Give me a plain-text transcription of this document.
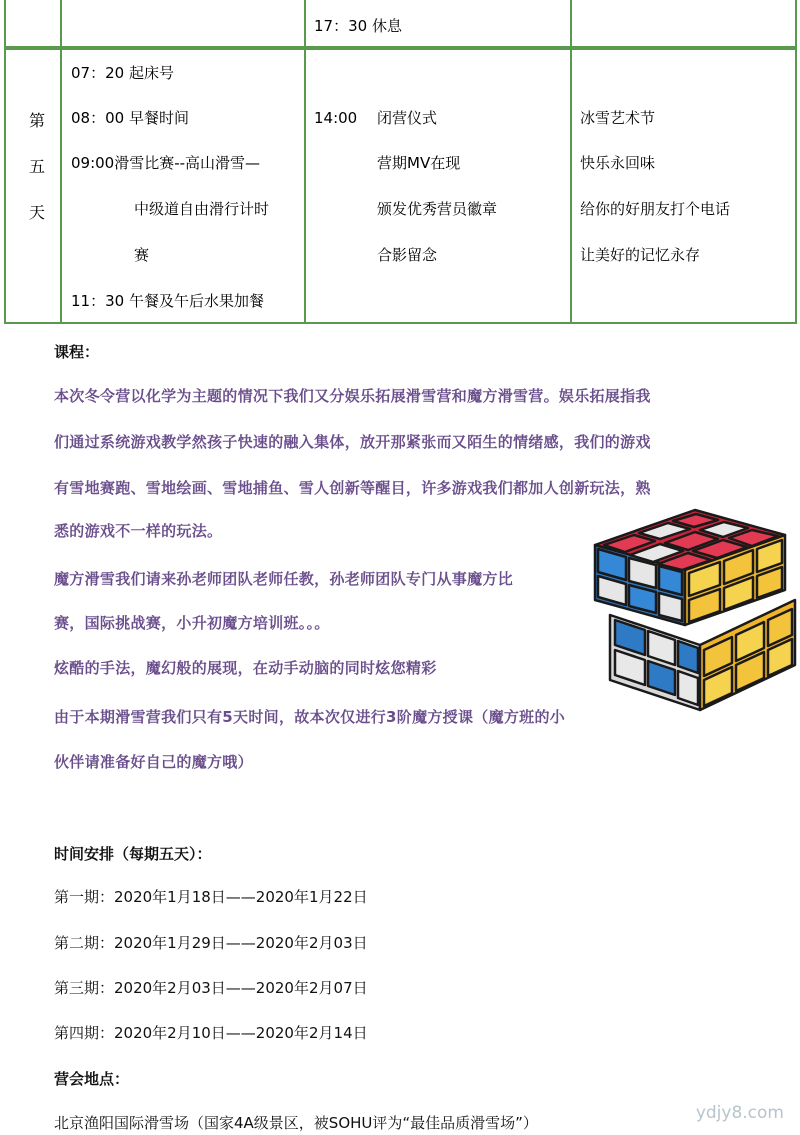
17：30 休息
第
五
天
07：20 起床号
08：00 早餐时间
09:00滑雪比赛--高山滑雪—
中级道自由滑行计时
赛
11：30 午餐及午后水果加餐
14:00　 闭营仪式
营期MV在现
颁发优秀营员徽章
合影留念
冰雪艺术节
快乐永回味
给你的好朋友打个电话
让美好的记忆永存
课程：
本次冬令营以化学为主题的情况下我们又分娱乐拓展滑雪营和魔方滑雪营。娱乐拓展指我
们通过系统游戏教学然孩子快速的融入集体，放开那紧张而又陌生的情绪感，我们的游戏
有雪地赛跑、雪地绘画、雪地捕鱼、雪人创新等醒目，许多游戏我们都加人创新玩法，熟
悉的游戏不一样的玩法。
魔方滑雪我们请来孙老师团队老师任教，孙老师团队专门从事魔方比
赛，国际挑战赛，小升初魔方培训班。。。
炫酷的手法，魔幻般的展现，在动手动脑的同时炫您精彩
由于本期滑雪营我们只有5天时间，故本次仅进行3阶魔方授课（魔方班的小
伙伴请准备好自己的魔方哦）
时间安排（每期五天）：
第一期：2020年1月18日——2020年1月22日
第二期：2020年1月29日——2020年2月03日
第三期：2020年2月03日——2020年2月07日
第四期：2020年2月10日——2020年2月14日
营会地点：
北京渔阳国际滑雪场（国家4A级景区，被SOHU评为“最佳品质滑雪场”）	ydjy8.com
